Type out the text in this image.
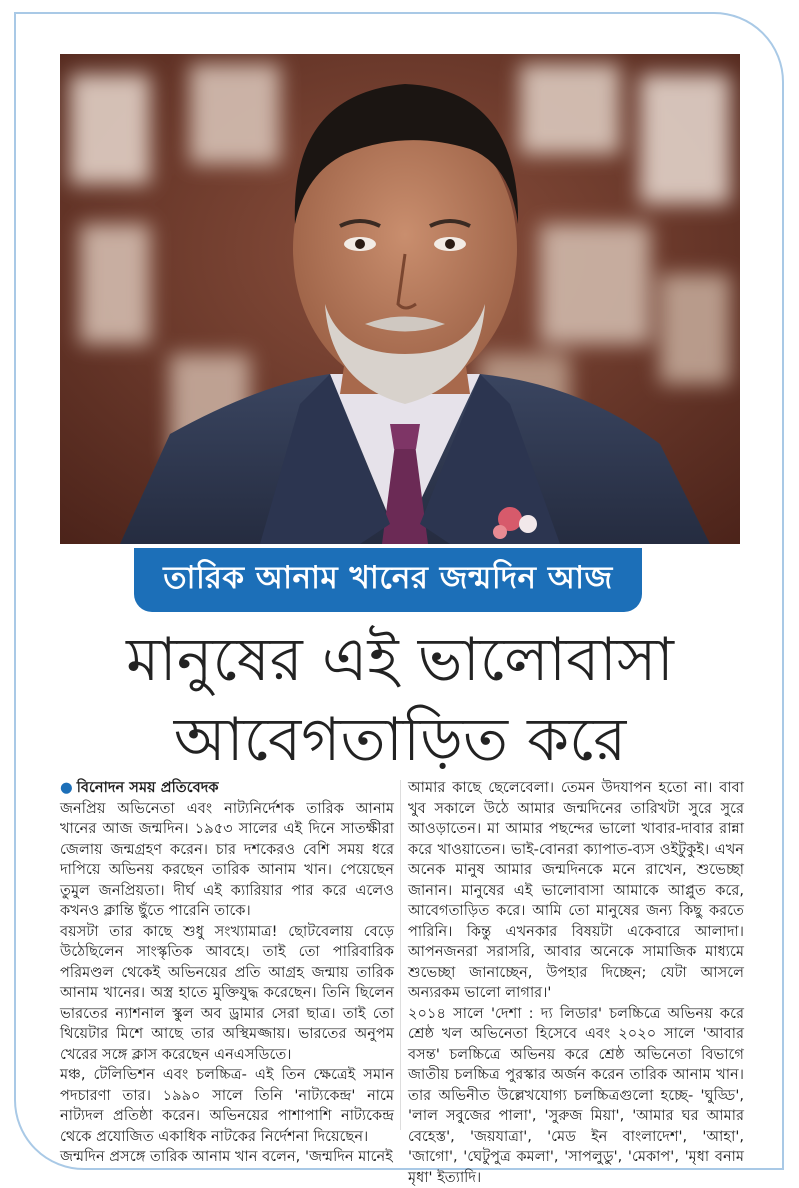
তারিক আনাম খানের জন্মদিন আজ
মানুষের এই ভালোবাসা
আবেগতাড়িত করে

● বিনোদন সময় প্রতিবেদক

জনপ্রিয় অভিনেতা এবং নাট্যনির্দেশক তারিক আনাম খানের আজ জন্মদিন। ১৯৫৩ সালের এই দিনে সাতক্ষীরা জেলায় জন্মগ্রহণ করেন। চার দশকেরও বেশি সময় ধরে দাপিয়ে অভিনয় করছেন তারিক আনাম খান। পেয়েছেন তুমুল জনপ্রিয়তা। দীর্ঘ এই ক্যারিয়ার পার করে এলেও কখনও ক্লান্তি ছুঁতে পারেনি তাকে।

বয়সটা তার কাছে শুধু সংখ্যামাত্র! ছোটবেলায় বেড়ে উঠেছিলেন সাংস্কৃতিক আবহে। তাই তো পারিবারিক পরিমণ্ডল থেকেই অভিনয়ের প্রতি আগ্রহ জন্মায় তারিক আনাম খানের। অস্ত্র হাতে মুক্তিযুদ্ধ করেছেন। তিনি ছিলেন ভারতের ন্যাশনাল স্কুল অব ড্রামার সেরা ছাত্র। তাই তো থিয়েটার মিশে আছে তার অস্থিমজ্জায়। ভারতের অনুপম খেরের সঙ্গে ক্লাস করেছেন এনএসডিতে।

মঞ্চ, টেলিভিশন এবং চলচ্চিত্র- এই তিন ক্ষেত্রেই সমান পদচারণা তার। ১৯৯০ সালে তিনি 'নাট্যকেন্দ্র' নামে নাট্যদল প্রতিষ্ঠা করেন। অভিনয়ের পাশাপাশি নাট্যকেন্দ্র থেকে প্রযোজিত একাধিক নাটকের নির্দেশনা দিয়েছেন।

জন্মদিন প্রসঙ্গে তারিক আনাম খান বলেন, 'জন্মদিন মানেই

আমার কাছে ছেলেবেলা। তেমন উদযাপন হতো না। বাবা খুব সকালে উঠে আমার জন্মদিনের তারিখটা সুরে সুরে আওড়াতেন। মা আমার পছন্দের ভালো খাবার-দাবার রান্না করে খাওয়াতেন। ভাই-বোনরা ক্যাপাত-ব্যস ওইটুকুই। এখন অনেক মানুষ আমার জন্মদিনকে মনে রাখেন, শুভেচ্ছা জানান। মানুষের এই ভালোবাসা আমাকে আপ্লুত করে, আবেগতাড়িত করে। আমি তো মানুষের জন্য কিছু করতে পারিনি। কিন্তু এখনকার বিষয়টা একেবারে আলাদা। আপনজনরা সরাসরি, আবার অনেকে সামাজিক মাধ্যমে শুভেচ্ছা জানাচ্ছেন, উপহার দিচ্ছেন; যেটা আসলে অন্যরকম ভালো লাগার।'

২০১৪ সালে 'দেশা : দ্য লিডার' চলচ্চিত্রে অভিনয় করে শ্রেষ্ঠ খল অভিনেতা হিসেবে এবং ২০২০ সালে 'আবার বসন্ত' চলচ্চিত্রে অভিনয় করে শ্রেষ্ঠ অভিনেতা বিভাগে জাতীয় চলচ্চিত্র পুরস্কার অর্জন করেন তারিক আনাম খান। তার অভিনীত উল্লেখযোগ্য চলচ্চিত্রগুলো হচ্ছে- 'ঘুড্ডি', 'লাল সবুজের পালা', 'সুরুজ মিয়া', 'আমার ঘর আমার বেহেস্ত', 'জয়যাত্রা', 'মেড ইন বাংলাদেশ', 'আহা', 'জাগো', 'ঘেটুপুত্র কমলা', 'সাপলুডু', 'মেকাপ', 'মৃধা বনাম মৃধা' ইত্যাদি।
